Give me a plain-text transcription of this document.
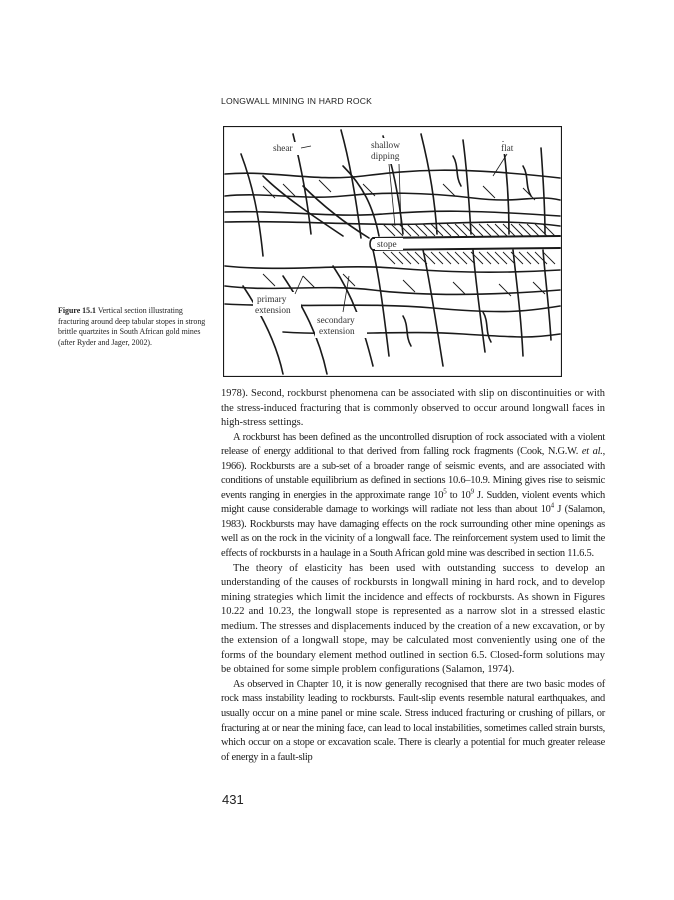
LONGWALL MINING IN HARD ROCK
shear	shallow
dipping
flat
stope
primary
extension
secondary
extension
Figure 15.1 Vertical section illustrating fracturing around deep tabular stopes in strong brittle quartzites in South African gold mines (after Ryder and Jager, 2002).

1978). Second, rockburst phenomena can be associated with slip on discontinuities or with the stress-induced fracturing that is commonly observed to occur around longwall faces in high-stress settings.

A rockburst has been defined as the uncontrolled disruption of rock associated with a violent release of energy additional to that derived from falling rock fragments (Cook, N.G.W. et al., 1966). Rockbursts are a sub-set of a broader range of seismic events, and are associated with conditions of unstable equilibrium as defined in sections 10.6–10.9. Mining gives rise to seismic events ranging in energies in the approximate range $10^5$ to $10^9$ J. Sudden, violent events which might cause considerable damage to workings will radiate not less than about $10^4$ J (Salamon, 1983). Rockbursts may have damaging effects on the rock surrounding other mine openings as well as on the rock in the vicinity of a longwall face. The reinforcement system used to limit the effects of rockbursts in a haulage in a South African gold mine was described in section 11.6.5.

The theory of elasticity has been used with outstanding success to develop an understanding of the causes of rockbursts in longwall mining in hard rock, and to develop mining strategies which limit the incidence and effects of rockbursts. As shown in Figures 10.22 and 10.23, the longwall stope is represented as a narrow slot in a stressed elastic medium. The stresses and displacements induced by the creation of a new excavation, or by the extension of a longwall stope, may be calculated most conveniently using one of the forms of the boundary element method outlined in section 6.5. Closed-form solutions may be obtained for some simple problem configurations (Salamon, 1974).

As observed in Chapter 10, it is now generally recognised that there are two basic modes of rock mass instability leading to rockbursts. Fault-slip events resemble natural earthquakes, and usually occur on a mine panel or mine scale. Stress induced fracturing or crushing of pillars, or fracturing at or near the mining face, can lead to local instabilities, sometimes called strain bursts, which occur on a stope or excavation scale. There is clearly a potential for much greater release of energy in a fault-slip

431
